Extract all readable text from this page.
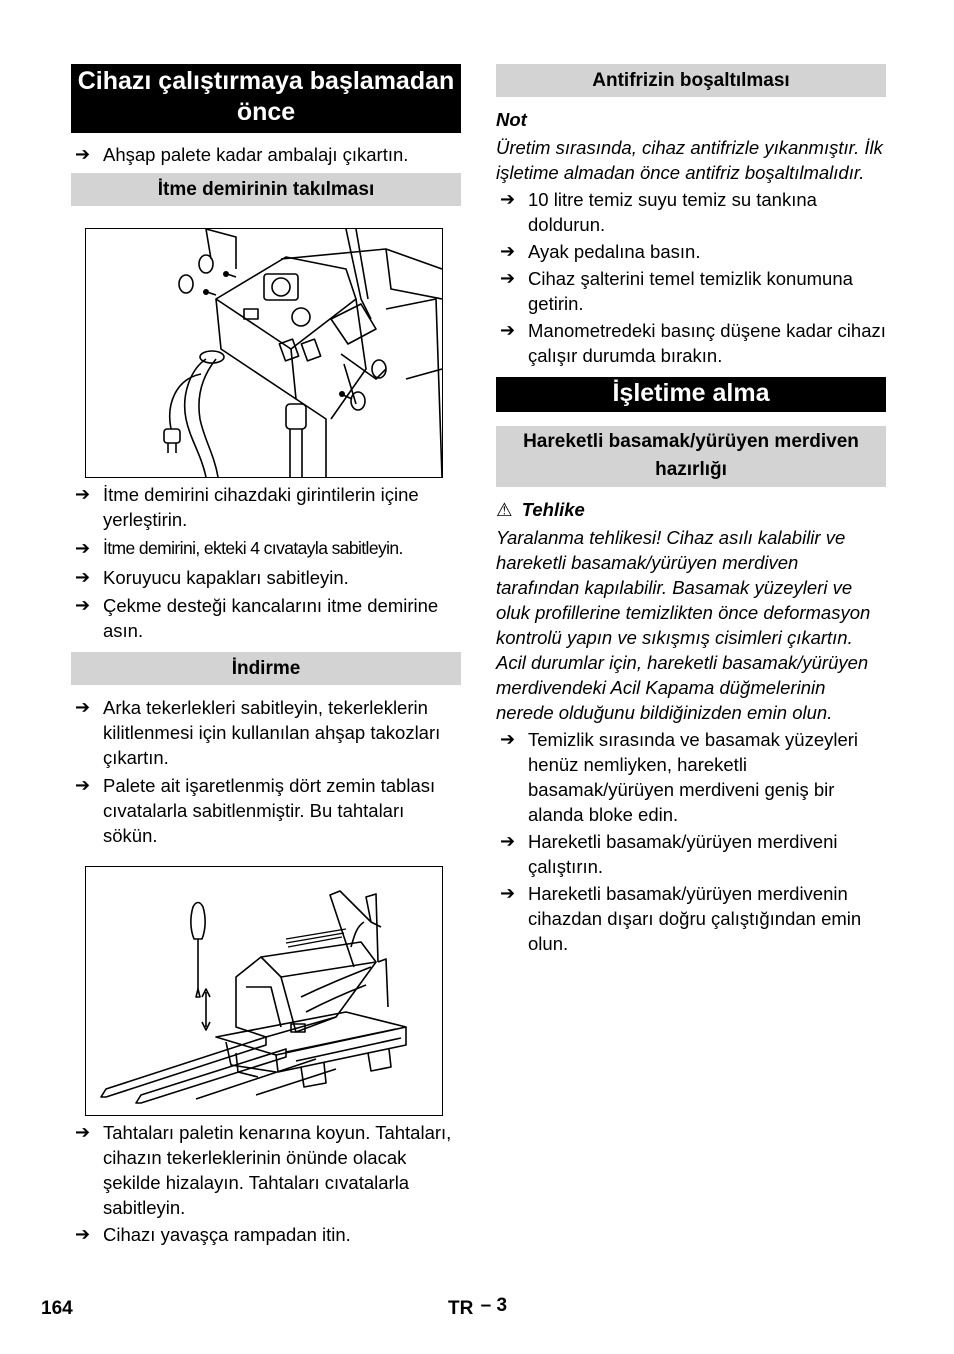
Cihazı çalıştırmaya başlamadan önce
➔ Ahşap palete kadar ambalajı çıkartın.
İtme demirinin takılması
➔ İtme demirini cihazdaki girintilerin içine yerleştirin.
➔ İtme demirini, ekteki 4 cıvatayla sabitleyin.
➔ Koruyucu kapakları sabitleyin.
➔ Çekme desteği kancalarını itme demirine asın.
İndirme
➔ Arka tekerlekleri sabitleyin, tekerleklerin kilitlenmesi için kullanılan ahşap takozları çıkartın.
➔ Palete ait işaretlenmiş dört zemin tablası cıvatalarla sabitlenmiştir. Bu tahtaları sökün.
➔ Tahtaları paletin kenarına koyun. Tahtaları, cihazın tekerleklerinin önünde olacak şekilde hizalayın. Tahtaları cıvatalarla sabitleyin.
➔ Cihazı yavaşça rampadan itin.
Antifrizin boşaltılması
Not
Üretim sırasında, cihaz antifrizle yıkanmıştır. İlk işletime almadan önce antifriz boşaltılmalıdır.
➔ 10 litre temiz suyu temiz su tankına doldurun.
➔ Ayak pedalına basın.
➔ Cihaz şalterini temel temizlik konumuna getirin.
➔ Manometredeki basınç düşene kadar cihazı çalışır durumda bırakın.
İşletime alma
Hareketli basamak/yürüyen merdiven hazırlığı
⚠ Tehlike
Yaralanma tehlikesi! Cihaz asılı kalabilir ve hareketli basamak/yürüyen merdiven tarafından kapılabilir. Basamak yüzeyleri ve oluk profillerine temizlikten önce deformasyon kontrolü yapın ve sıkışmış cisimleri çıkartın. Acil durumlar için, hareketli basamak/yürüyen merdivendeki Acil Kapama düğmelerinin nerede olduğunu bildiğinizden emin olun.
➔ Temizlik sırasında ve basamak yüzeyleri henüz nemliyken, hareketli basamak/yürüyen merdiveni geniş bir alanda bloke edin.
➔ Hareketli basamak/yürüyen merdiveni çalıştırın.
➔ Hareketli basamak/yürüyen merdivenin cihazdan dışarı doğru çalıştığından emin olun.
164	TR – 3
